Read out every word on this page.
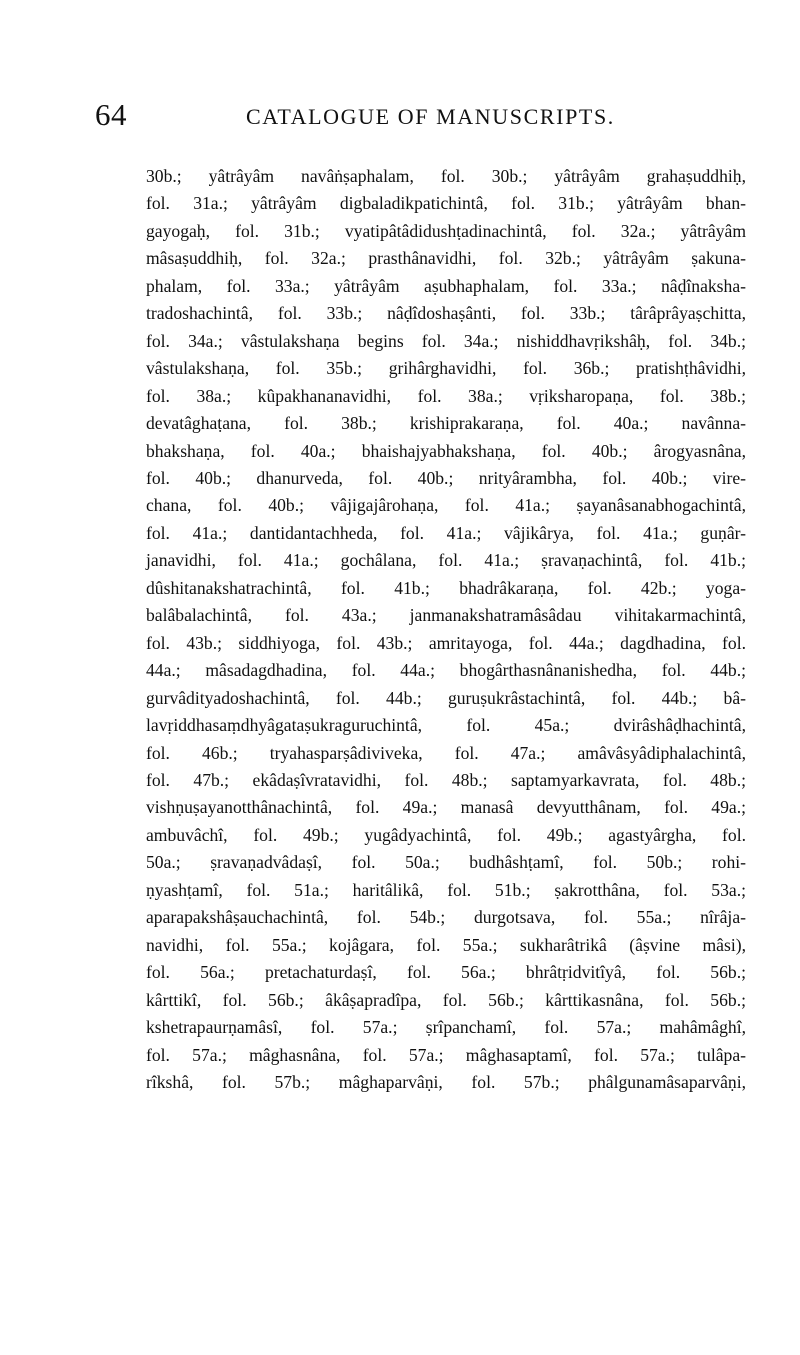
64	CATALOGUE OF MANUSCRIPTS.
30b.; yâtrâyâm navâṅṣaphalam, fol. 30b.; yâtrâyâm grahaṣuddhiḥ,
fol. 31a.; yâtrâyâm digbaladikpatichintâ, fol. 31b.; yâtrâyâm bhan-
gayogaḥ, fol. 31b.; vyatipâtâdidushṭadinachintâ, fol. 32a.; yâtrâyâm
mâsaṣuddhiḥ, fol. 32a.; prasthânavidhi, fol. 32b.; yâtrâyâm ṣakuna-
phalam, fol. 33a.; yâtrâyâm aṣubhaphalam, fol. 33a.; nâḍînaksha-
tradoshachintâ, fol. 33b.; nâḍîdoshaṣânti, fol. 33b.; târâprâyaṣchitta,
fol. 34a.; vâstulakshaṇa begins fol. 34a.; nishiddhavṛikshâḥ, fol. 34b.;
vâstulakshaṇa, fol. 35b.; grihârghavidhi, fol. 36b.; pratishṭhâvidhi,
fol. 38a.; kûpakhananavidhi, fol. 38a.; vṛiksharopaṇa, fol. 38b.;
devatâghaṭana, fol. 38b.; krishiprakaraṇa, fol. 40a.; navânna-
bhakshaṇa, fol. 40a.; bhaishajyabhakshaṇa, fol. 40b.; ârogyasnâna,
fol. 40b.; dhanurveda, fol. 40b.; nrityârambha, fol. 40b.; vire-
chana, fol. 40b.; vâjigajârohaṇa, fol. 41a.; ṣayanâsanabhogachintâ,
fol. 41a.; dantidantachheda, fol. 41a.; vâjikârya, fol. 41a.; guṇâr-
janavidhi, fol. 41a.; gochâlana, fol. 41a.; ṣravaṇachintâ, fol. 41b.;
dûshitanakshatrachintâ, fol. 41b.; bhadrâkaraṇa, fol. 42b.; yoga-
balâbalachintâ, fol. 43a.; janmanakshatramâsâdau vihitakarmachintâ,
fol. 43b.; siddhiyoga, fol. 43b.; amritayoga, fol. 44a.; dagdhadina, fol.
44a.; mâsadagdhadina, fol. 44a.; bhogârthasnânanishedha, fol. 44b.;
gurvâdityadoshachintâ, fol. 44b.; guruṣukrâstachintâ, fol. 44b.; bâ-
lavṛiddhasaṃdhyâgataṣukraguruchintâ, fol. 45a.; dvirâshâḍhachintâ,
fol. 46b.; tryahasparṣâdiviveka, fol. 47a.; amâvâsyâdiphalachintâ,
fol. 47b.; ekâdaṣîvratavidhi, fol. 48b.; saptamyarkavrata, fol. 48b.;
vishṇuṣayanotthânachintâ, fol. 49a.; manasâ devyutthânam, fol. 49a.;
ambuvâchî, fol. 49b.; yugâdyachintâ, fol. 49b.; agastyârgha, fol.
50a.; ṣravaṇadvâdaṣî, fol. 50a.; budhâshṭamî, fol. 50b.; rohi-
ṇyashṭamî, fol. 51a.; haritâlikâ, fol. 51b.; ṣakrotthâna, fol. 53a.;
aparapakshâṣauchachintâ, fol. 54b.; durgotsava, fol. 55a.; nîrâja-
navidhi, fol. 55a.; kojâgara, fol. 55a.; sukharâtrikâ (âṣvine mâsi),
fol. 56a.; pretachaturdaṣî, fol. 56a.; bhrâtṛidvitîyâ, fol. 56b.;
kârttikî, fol. 56b.; âkâṣapradîpa, fol. 56b.; kârttikasnâna, fol. 56b.;
kshetrapaurṇamâsî, fol. 57a.; ṣrîpanchamî, fol. 57a.; mahâmâghî,
fol. 57a.; mâghasnâna, fol. 57a.; mâghasaptamî, fol. 57a.; tulâpa-
rîkshâ, fol. 57b.; mâghaparvâṇi, fol. 57b.; phâlgunamâsaparvâṇi,
